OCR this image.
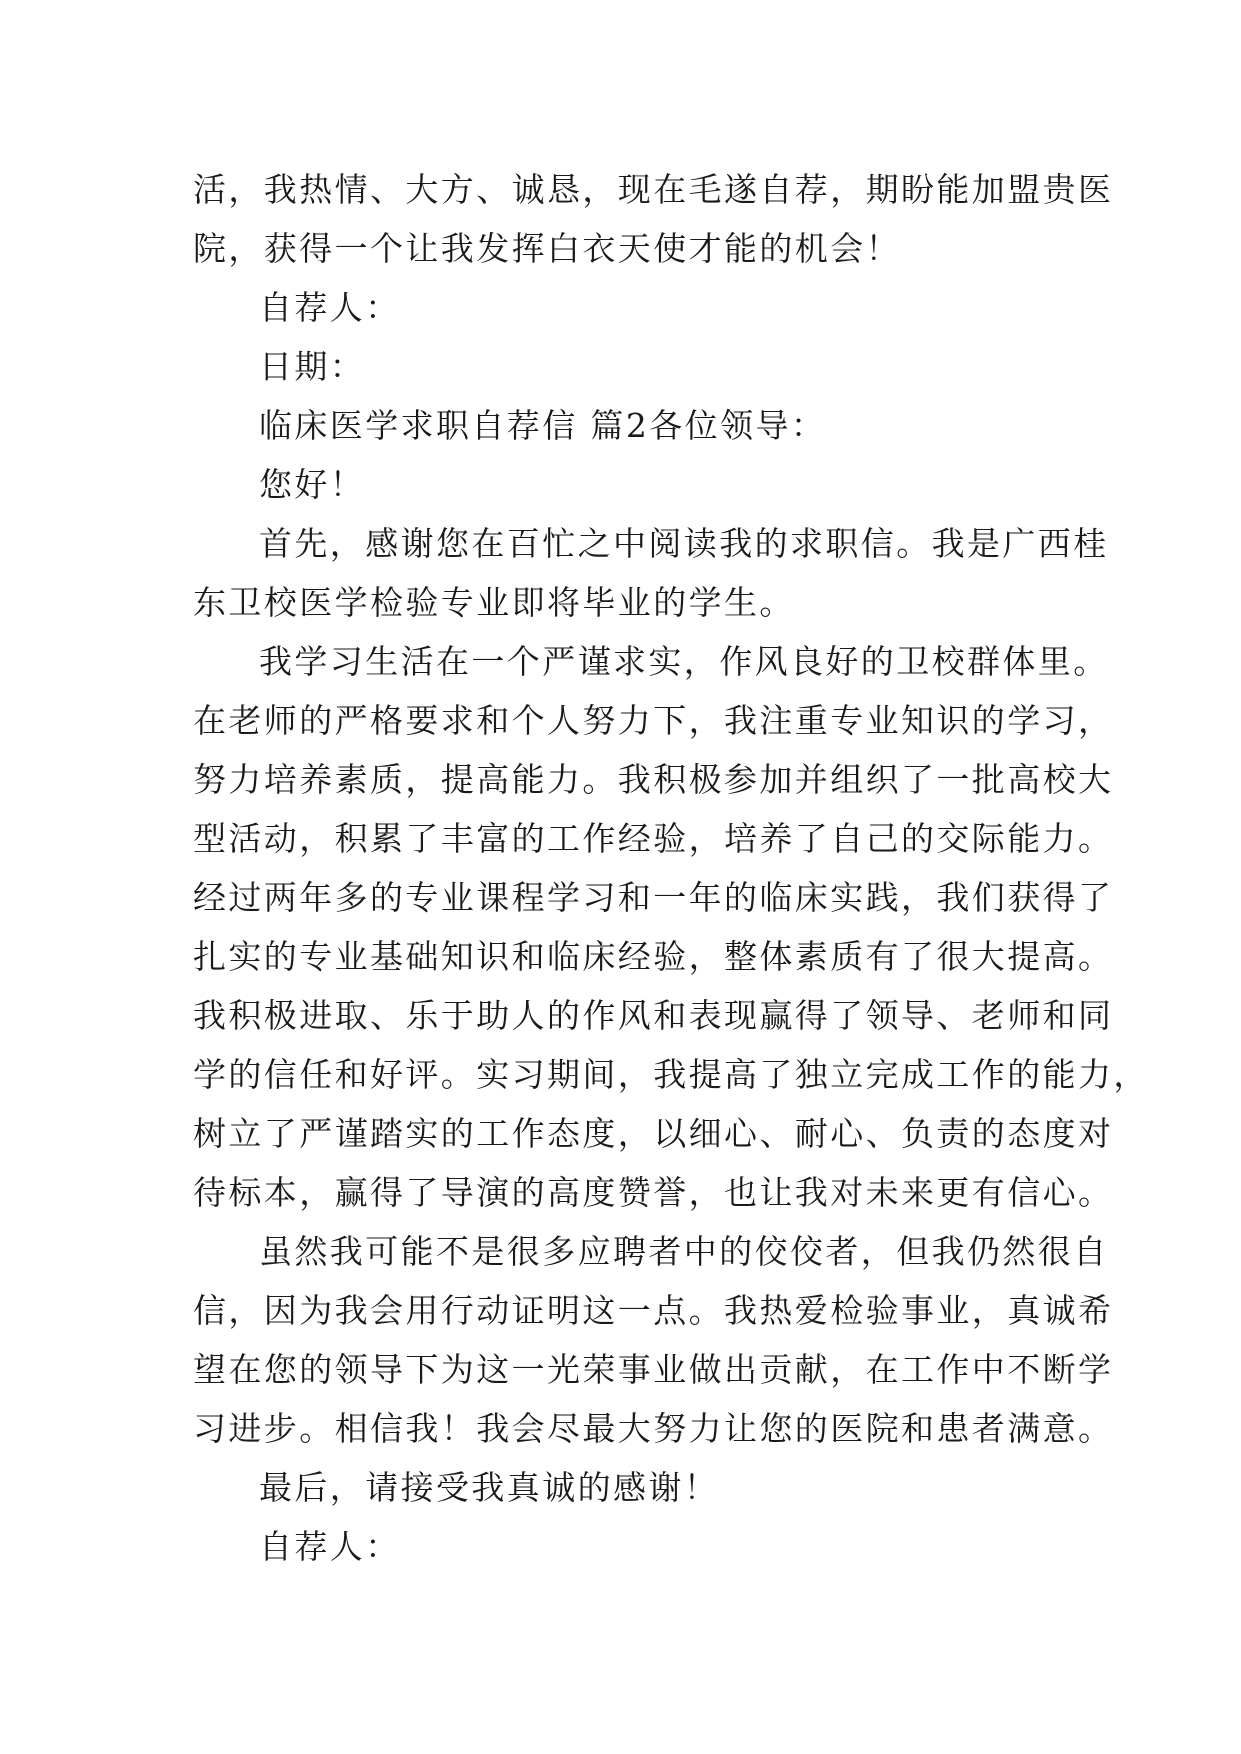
活，我热情、大方、诚恳，现在毛遂自荐，期盼能加盟贵医
院，获得一个让我发挥白衣天使才能的机会！
自荐人：
日期：
临床医学求职自荐信 篇2各位领导：
您好！
首先，感谢您在百忙之中阅读我的求职信。我是广西桂
东卫校医学检验专业即将毕业的学生。
我学习生活在一个严谨求实，作风良好的卫校群体里。
在老师的严格要求和个人努力下，我注重专业知识的学习，
努力培养素质，提高能力。我积极参加并组织了一批高校大
型活动，积累了丰富的工作经验，培养了自己的交际能力。
经过两年多的专业课程学习和一年的临床实践，我们获得了
扎实的专业基础知识和临床经验，整体素质有了很大提高。
我积极进取、乐于助人的作风和表现赢得了领导、老师和同
学的信任和好评。实习期间，我提高了独立完成工作的能力，
树立了严谨踏实的工作态度，以细心、耐心、负责的态度对
待标本，赢得了导演的高度赞誉，也让我对未来更有信心。
虽然我可能不是很多应聘者中的佼佼者，但我仍然很自
信，因为我会用行动证明这一点。我热爱检验事业，真诚希
望在您的领导下为这一光荣事业做出贡献，在工作中不断学
习进步。相信我！我会尽最大努力让您的医院和患者满意。
最后，请接受我真诚的感谢！
自荐人：
